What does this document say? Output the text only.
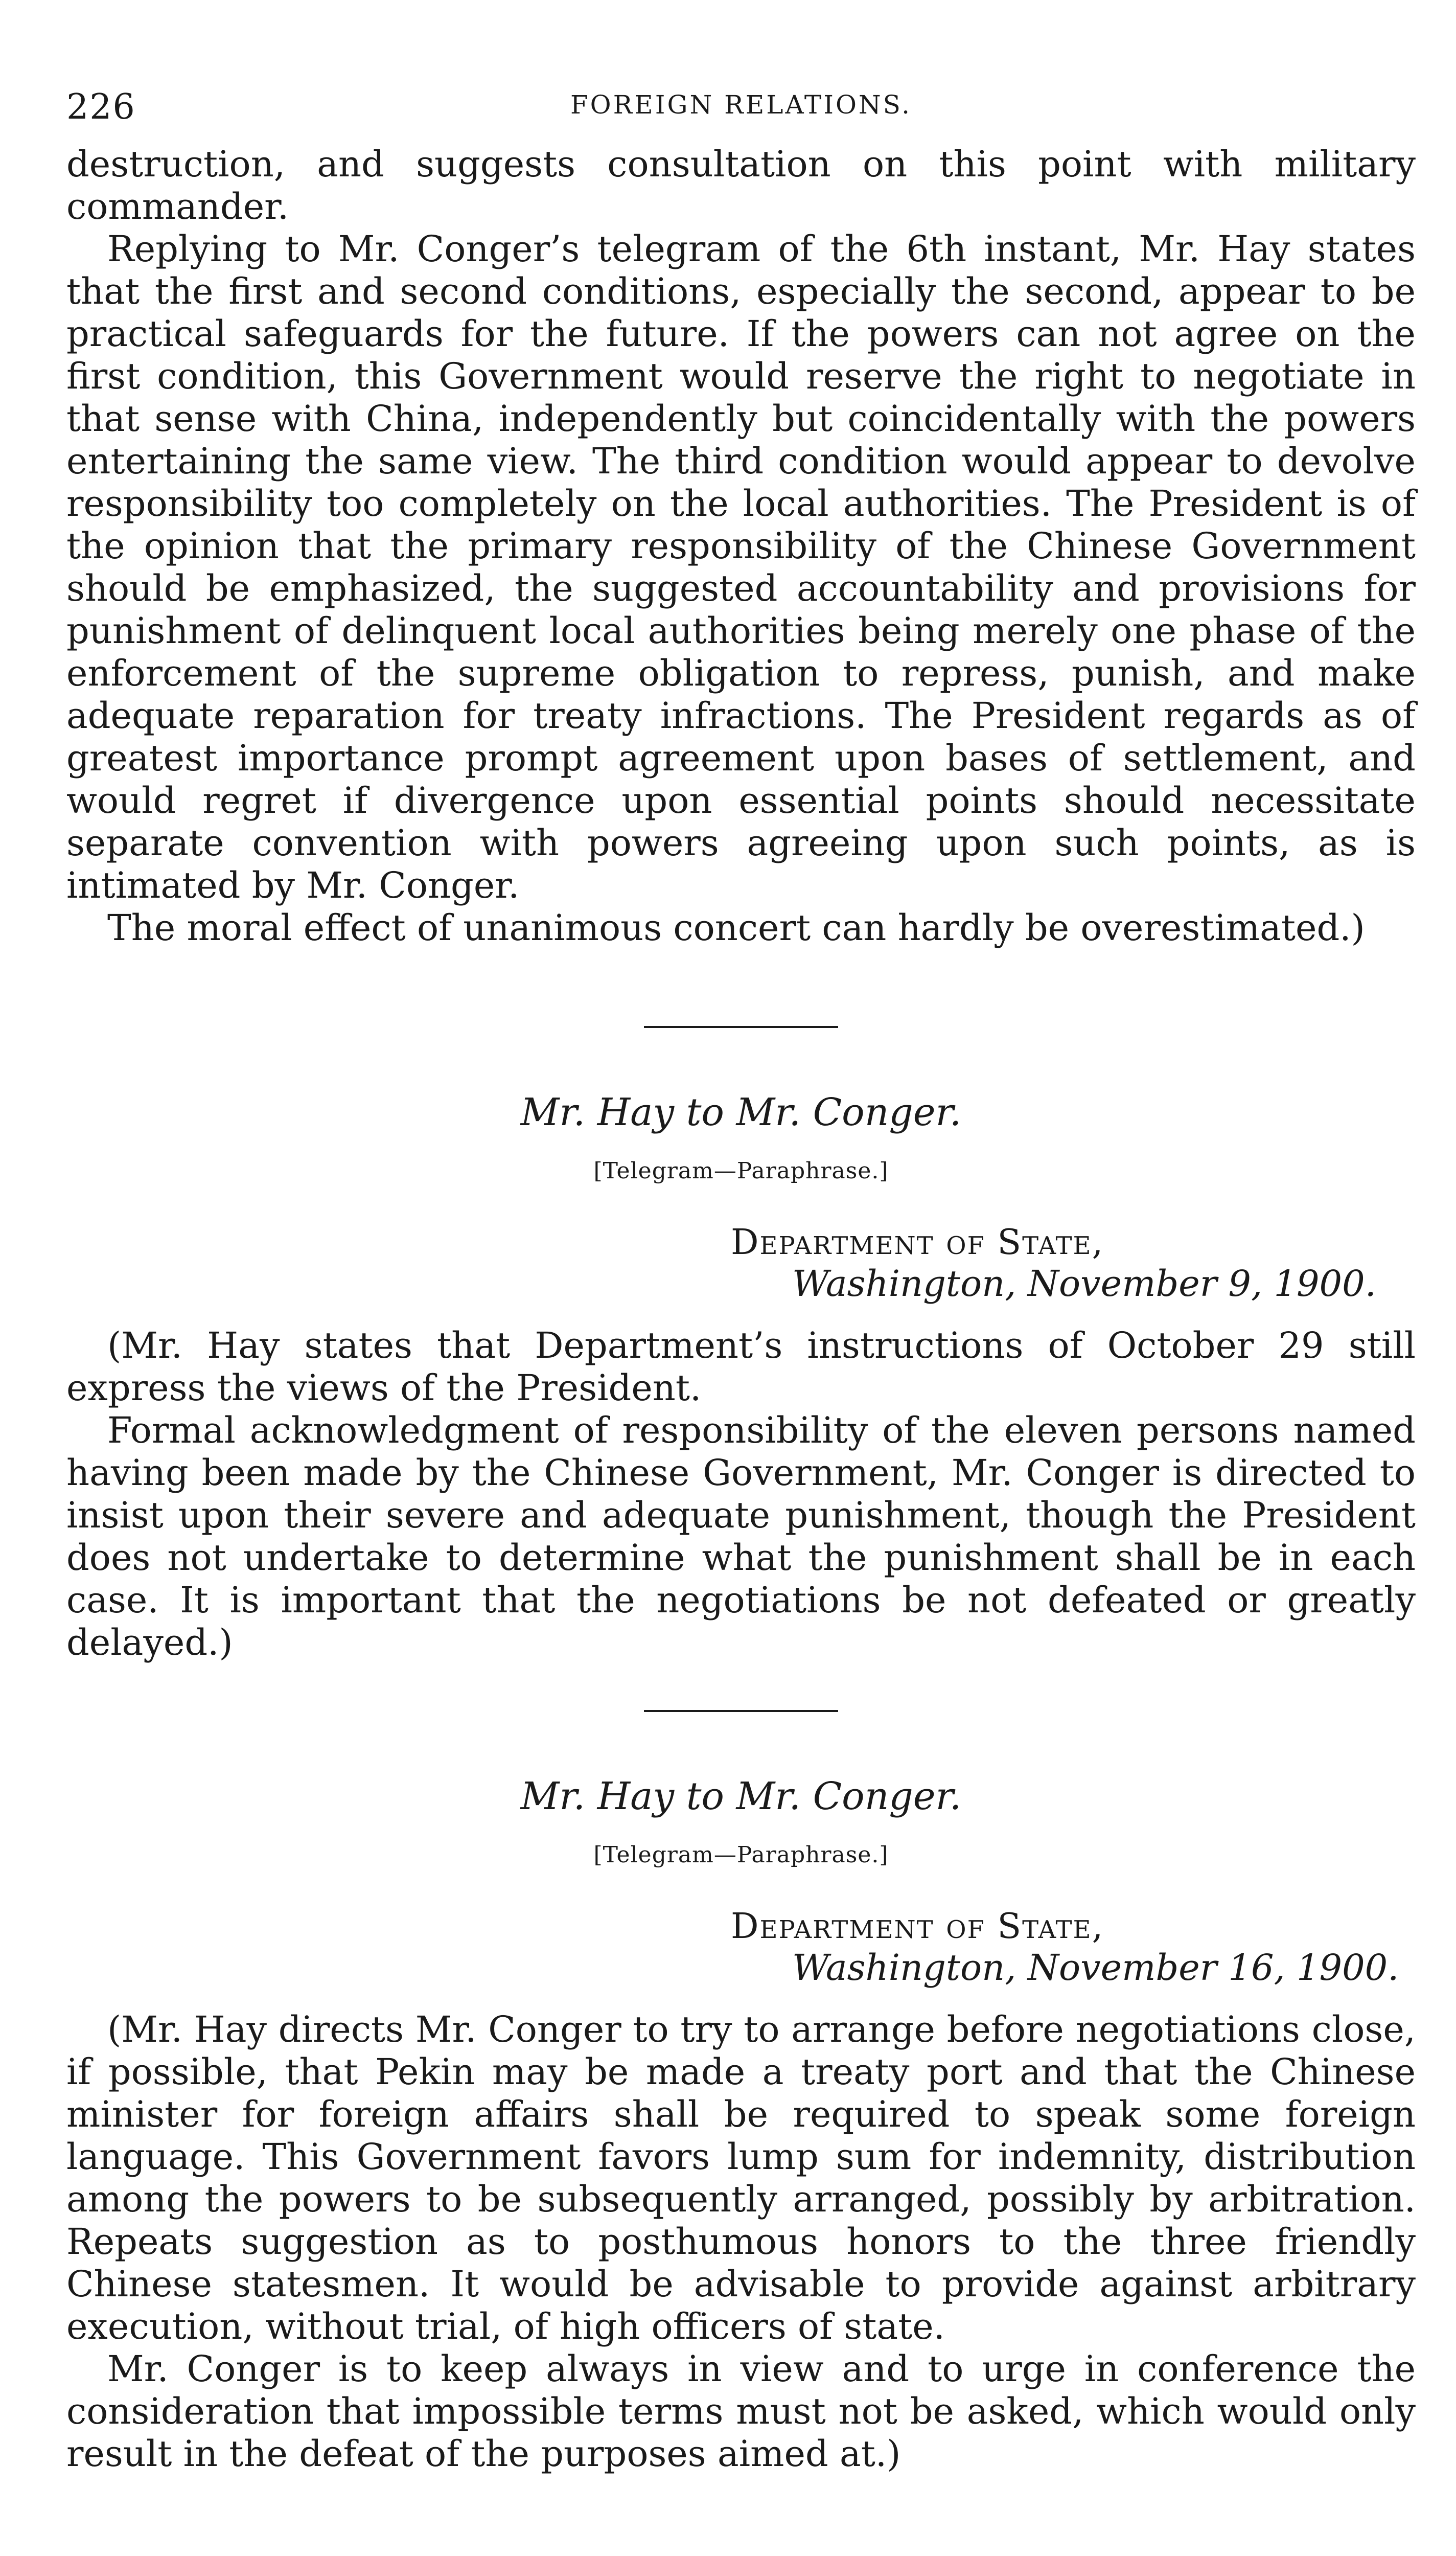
226	FOREIGN RELATIONS.

destruction, and suggests consultation on this point with military commander.

Replying to Mr. Conger’s telegram of the 6th instant, Mr. Hay states that the first and second conditions, especially the second, appear to be practical safeguards for the future. If the powers can not agree on the first condition, this Government would reserve the right to negotiate in that sense with China, independently but coincidentally with the powers entertaining the same view. The third condition would appear to devolve responsibility too completely on the local authorities. The President is of the opinion that the primary responsibility of the Chinese Government should be emphasized, the suggested accountability and provisions for punishment of delinquent local authorities being merely one phase of the enforcement of the supreme obligation to repress, punish, and make adequate reparation for treaty infractions. The President regards as of greatest importance prompt agreement upon bases of settlement, and would regret if divergence upon essential points should necessitate separate convention with powers agreeing upon such points, as is intimated by Mr. Conger.

The moral effect of unanimous concert can hardly be overestimated.)

Mr. Hay to Mr. Conger.
[Telegram—Paraphrase.]
Department of State,
Washington, November 9, 1900.

(Mr. Hay states that Department’s instructions of October 29 still express the views of the President.

Formal acknowledgment of responsibility of the eleven persons named having been made by the Chinese Government, Mr. Conger is directed to insist upon their severe and adequate punishment, though the President does not undertake to determine what the punishment shall be in each case. It is important that the negotiations be not defeated or greatly delayed.)

Mr. Hay to Mr. Conger.
[Telegram—Paraphrase.]
Department of State,
Washington, November 16, 1900.

(Mr. Hay directs Mr. Conger to try to arrange before negotiations close, if possible, that Pekin may be made a treaty port and that the Chinese minister for foreign affairs shall be required to speak some foreign language. This Government favors lump sum for indemnity, distribution among the powers to be subsequently arranged, possibly by arbitration. Repeats suggestion as to posthumous honors to the three friendly Chinese statesmen. It would be advisable to provide against arbitrary execution, without trial, of high officers of state.

Mr. Conger is to keep always in view and to urge in conference the consideration that impossible terms must not be asked, which would only result in the defeat of the purposes aimed at.)
